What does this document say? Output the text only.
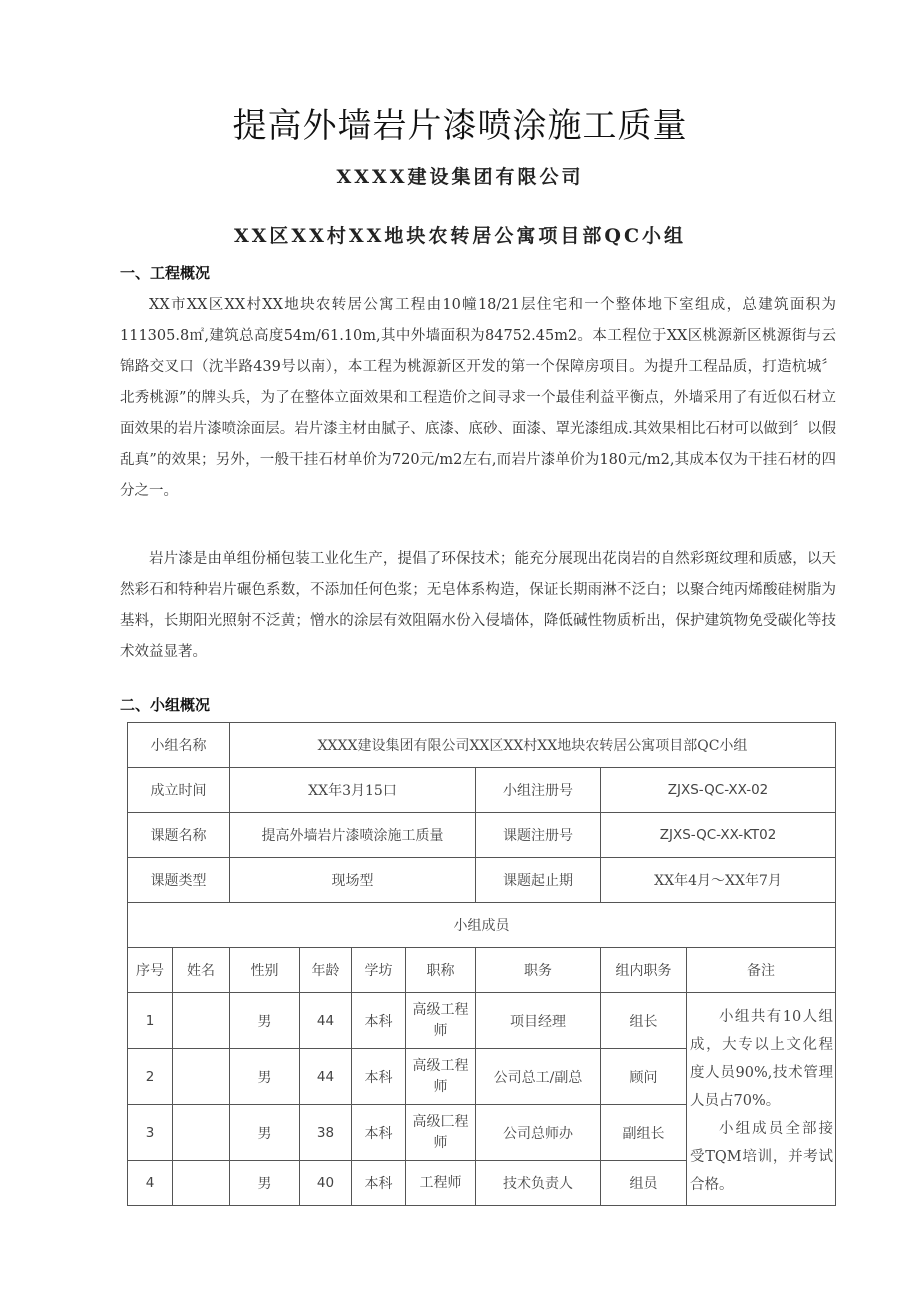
提高外墙岩片漆喷涂施工质量
XXXX建设集团有限公司
XX区XX村XX地块农转居公寓项目部QC小组
一、工程概况

XX市XX区XX村XX地块农转居公寓工程由10幢18/21层住宅和一个整体地下室组成，总建筑面积为111305.8㎡,建筑总高度54m/61.10m,其中外墙面积为84752.45m2。本工程位于XX区桃源新区桃源街与云锦路交叉口（沈半路439号以南），本工程为桃源新区开发的第一个保障房项目。为提升工程品质，打造杭城〞北秀桃源”的牌头兵，为了在整体立面效果和工程造价之间寻求一个最佳利益平衡点，外墙采用了有近似石材立面效果的岩片漆喷涂面层。岩片漆主材由腻子、底漆、底砂、面漆、罩光漆组成.其效果相比石材可以做到〞以假乱真”的效果；另外，一般干挂石材单价为720元/m2左右,而岩片漆单价为180元/m2,其成本仅为干挂石材的四分之一。

岩片漆是由单组份桶包装工业化生产，提倡了环保技术；能充分展现出花岗岩的自然彩斑纹理和质感，以天然彩石和特种岩片碾色系数，不添加任何色浆；无皂体系构造，保证长期雨淋不泛白；以聚合纯丙烯酸硅树脂为基料，长期阳光照射不泛黄；憎水的涂层有效阻隔水份入侵墙体，降低碱性物质析出，保护建筑物免受碳化等技术效益显著。

二、小组概况
小组名称		XXXX建设集团有限公司XX区XX村XX地块农转居公寓项目部QC小组						
成立时间		XX年3月15口				小组注册号	ZJXS-QC-XX-02	
课题名称		提高外墙岩片漆喷涂施工质量				课题注册号	ZJXS-QC-XX-KT02	
课题类型		现场型				课题起止期	XX年4月～XX年7月	
小组成员								
序号	姓名	性别	年龄	学坊	职称	职务	组内职务	备注
1		男	44	本科	高级工程师	项目经理	组长	小组共有10人组成，大专以上文化程度人员90%,技术管理人员占70%。

小组成员全部接受TQM培训，并考试合格。

2		男	44	本科	高级工程师	公司总工/副总	顾问	
3		男	38	本科	高级匚程师	公司总师办	副组长	
4		男	40	本科	工程师	技术负责人	组员	
